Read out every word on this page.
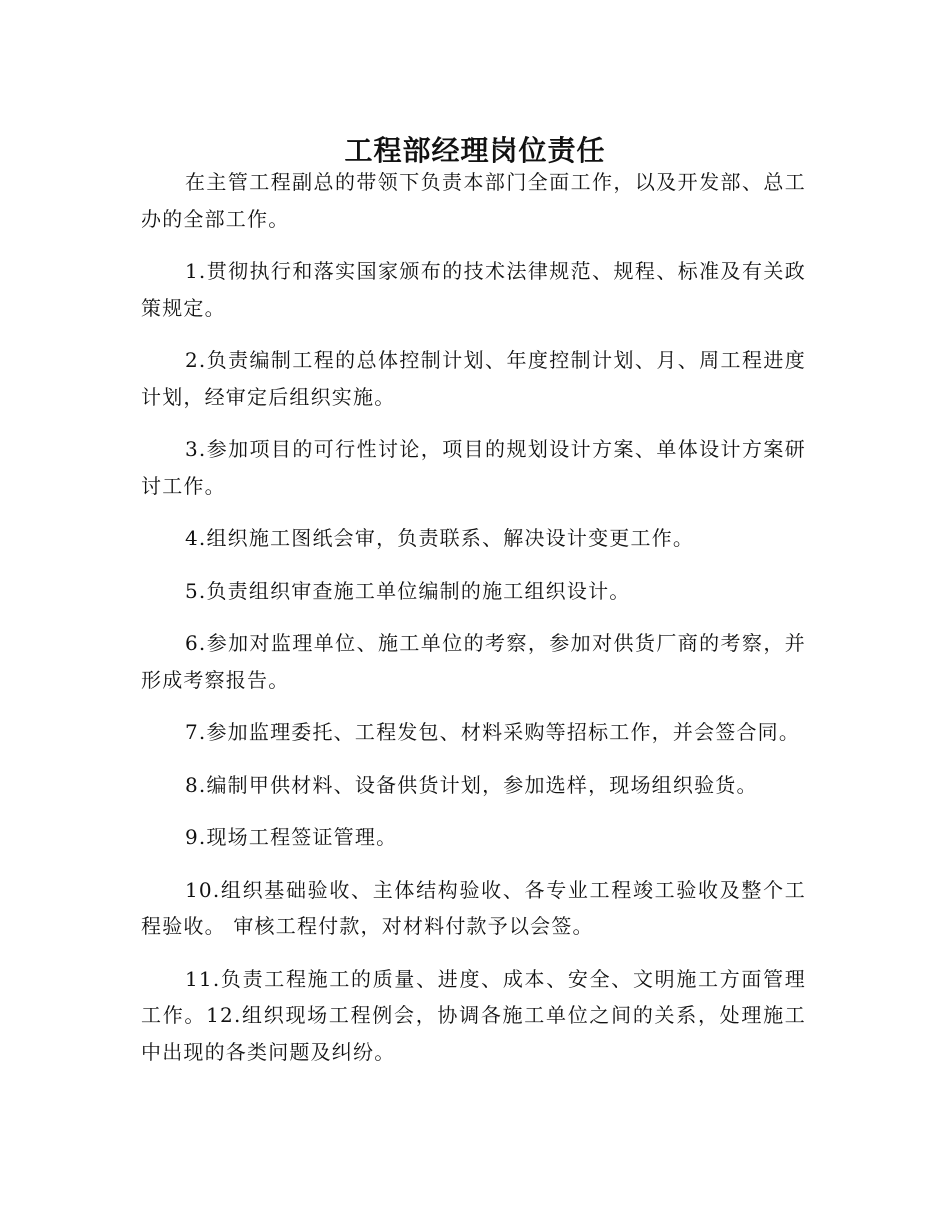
工程部经理岗位责任

在主管工程副总的带领下负责本部门全面工作，以及开发部、总工办的全部工作。

1.贯彻执行和落实国家颁布的技术法律规范、规程、标准及有关政策规定。

2.负责编制工程的总体控制计划、年度控制计划、月、周工程进度计划，经审定后组织实施。

3.参加项目的可行性讨论，项目的规划设计方案、单体设计方案研讨工作。

4.组织施工图纸会审，负责联系、解决设计变更工作。

5.负责组织审查施工单位编制的施工组织设计。

6.参加对监理单位、施工单位的考察，参加对供货厂商的考察，并形成考察报告。

7.参加监理委托、工程发包、材料采购等招标工作，并会签合同。

8.编制甲供材料、设备供货计划，参加选样，现场组织验货。

9.现场工程签证管理。

10.组织基础验收、主体结构验收、各专业工程竣工验收及整个工程验收。 审核工程付款，对材料付款予以会签。

11.负责工程施工的质量、进度、成本、安全、文明施工方面管理工作。12.组织现场工程例会，协调各施工单位之间的关系，处理施工中出现的各类问题及纠纷。
